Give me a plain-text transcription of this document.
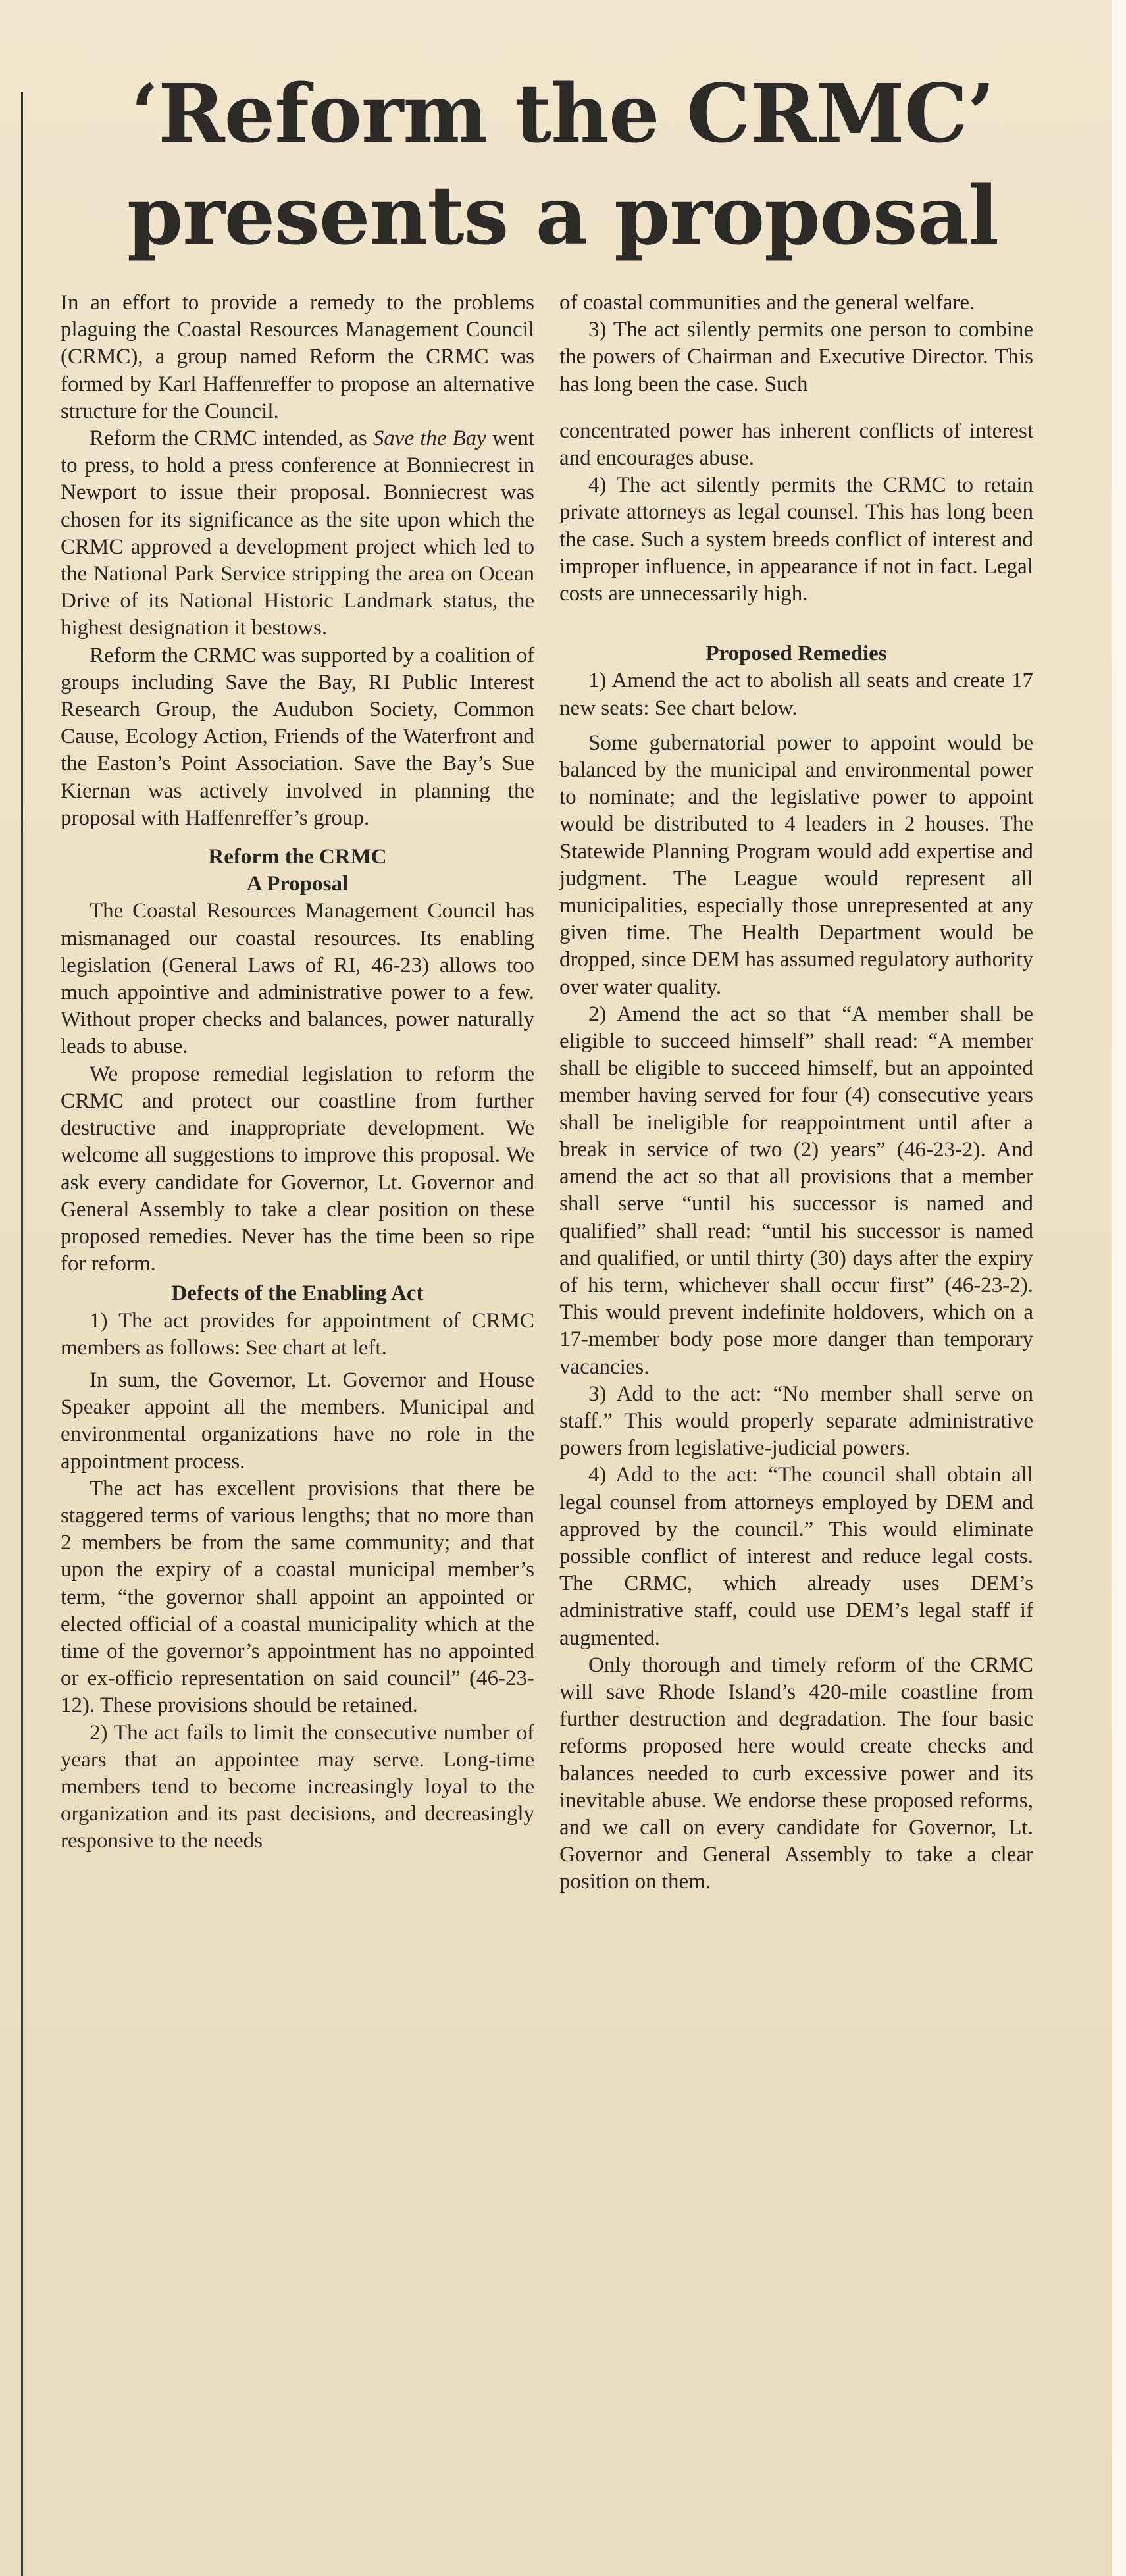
‘Reform the CRMC’
presents a proposal

In an effort to provide a remedy to the problems plaguing the Coastal Resources Management Council (CRMC), a group named Reform the CRMC was formed by Karl Haffenreffer to propose an alternative structure for the Council.

Reform the CRMC intended, as Save the Bay went to press, to hold a press conference at Bonniecrest in Newport to issue their proposal. Bonniecrest was chosen for its significance as the site upon which the CRMC approved a development project which led to the National Park Service stripping the area on Ocean Drive of its National Historic Landmark status, the highest designation it bestows.

Reform the CRMC was supported by a coalition of groups including Save the Bay, RI Public Interest Research Group, the Audubon Society, Common Cause, Ecology Action, Friends of the Waterfront and the Easton’s Point Association. Save the Bay’s Sue Kiernan was actively involved in planning the proposal with Haffenreffer’s group.

Reform the CRMC
A Proposal

The Coastal Resources Management Council has mismanaged our coastal resources. Its enabling legislation (General Laws of RI, 46-23) allows too much appointive and administrative power to a few. Without proper checks and balances, power naturally leads to abuse.

We propose remedial legislation to reform the CRMC and protect our coastline from further destructive and inappropriate development. We welcome all suggestions to improve this proposal. We ask every candidate for Governor, Lt. Governor and General Assembly to take a clear position on these proposed remedies. Never has the time been so ripe for reform.

Defects of the Enabling Act

1) The act provides for appointment of CRMC members as follows: See chart at left.

In sum, the Governor, Lt. Governor and House Speaker appoint all the members. Municipal and environmental organizations have no role in the appointment process.

The act has excellent provisions that there be staggered terms of various lengths; that no more than 2 members be from the same community; and that upon the expiry of a coastal municipal member’s term, “the governor shall appoint an appointed or elected official of a coastal municipality which at the time of the governor’s appointment has no appointed or ex-officio representation on said council” (46-23-12). These provisions should be retained.

2) The act fails to limit the consecutive number of years that an appointee may serve. Long-time members tend to become increasingly loyal to the organization and its past decisions, and decreasingly responsive to the needs

of coastal communities and the general welfare.

3) The act silently permits one person to combine the powers of Chairman and Executive Director. This has long been the case. Such

concentrated power has inherent conflicts of interest and encourages abuse.

4) The act silently permits the CRMC to retain private attorneys as legal counsel. This has long been the case. Such a system breeds conflict of interest and improper influence, in appearance if not in fact. Legal costs are unnecessarily high.

Proposed Remedies

1) Amend the act to abolish all seats and create 17 new seats: See chart below.

Some gubernatorial power to appoint would be balanced by the municipal and environmental power to nominate; and the legislative power to appoint would be distributed to 4 leaders in 2 houses. The Statewide Planning Program would add expertise and judgment. The League would represent all municipalities, especially those unrepresented at any given time. The Health Department would be dropped, since DEM has assumed regulatory authority over water quality.

2) Amend the act so that “A member shall be eligible to succeed himself” shall read: “A member shall be eligible to succeed himself, but an appointed member having served for four (4) consecutive years shall be ineligible for reappointment until after a break in service of two (2) years” (46-23-2). And amend the act so that all provisions that a member shall serve “until his successor is named and qualified” shall read: “until his successor is named and qualified, or until thirty (30) days after the expiry of his term, whichever shall occur first” (46-23-2). This would prevent indefinite holdovers, which on a 17-member body pose more danger than temporary vacancies.

3) Add to the act: “No member shall serve on staff.” This would properly separate administrative powers from legislative-judicial powers.

4) Add to the act: “The council shall obtain all legal counsel from attorneys employed by DEM and approved by the council.” This would eliminate possible conflict of interest and reduce legal costs. The CRMC, which already uses DEM’s administrative staff, could use DEM’s legal staff if augmented.

Only thorough and timely reform of the CRMC will save Rhode Island’s 420-mile coastline from further destruction and degradation. The four basic reforms proposed here would create checks and balances needed to curb excessive power and its inevitable abuse. We endorse these proposed reforms, and we call on every candidate for Governor, Lt. Governor and General Assembly to take a clear position on them.
